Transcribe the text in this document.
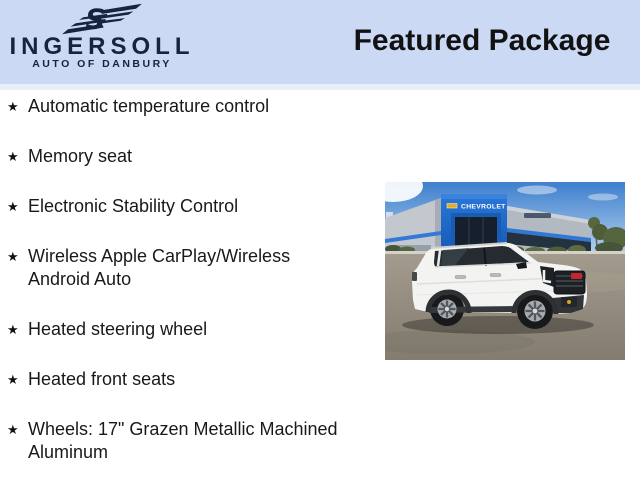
S
INGERSOLL
AUTO OF DANBURY
Featured Package
★ Automatic temperature control
★ Memory seat
★ Electronic Stability Control
★ Wireless Apple CarPlay/Wireless Android Auto
★ Heated steering wheel
★ Heated front seats
★ Wheels: 17" Grazen Metallic Machined Aluminum
CHEVROLET
